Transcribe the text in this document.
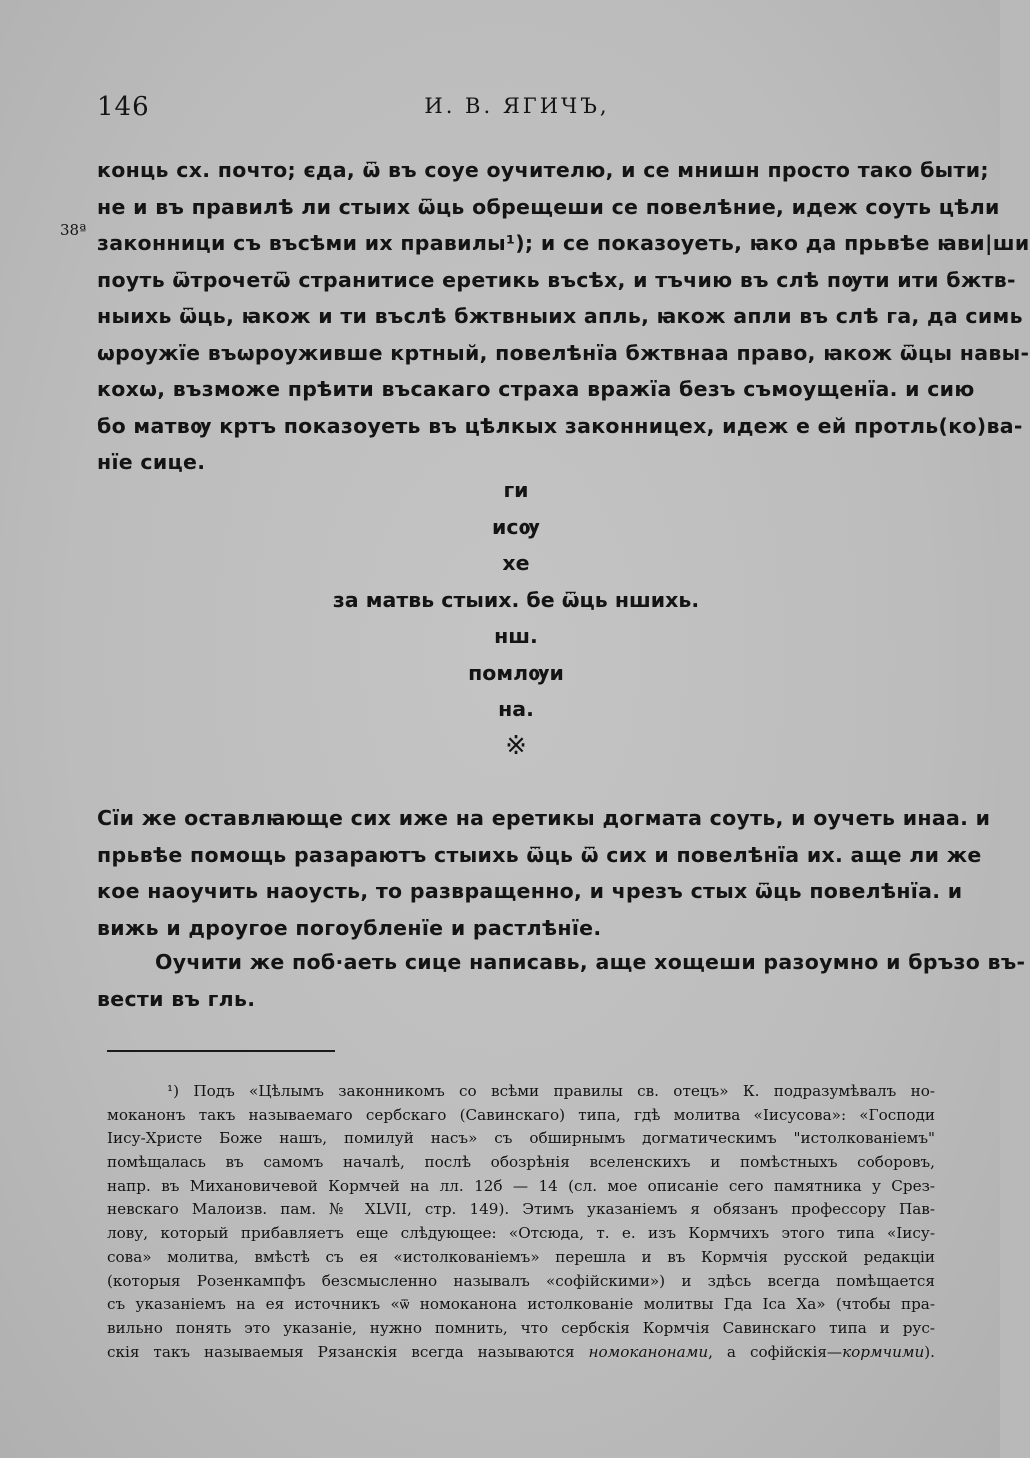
146	И. В. ЯГИЧЪ,
38ª
конць сх. почто; єда, ѿ въ соуе оучителю, и се мнишн просто тако быти;
не и въ правилѣ ли стыих ѿць обрещеши се повелѣние, идеж соуть цѣли
законници съ въсѣми их правилы¹); и се показоуеть, ꙗко да прьвѣе ꙗви|ши
поуть ѿтрочетѿ странитисе еретикь въсѣх, и тъчию въ слѣ пѹти ити бжтв-
ныихь ѿць, ꙗкож и ти въслѣ бжтвныих апль, ꙗкож апли въ слѣ гa, да симь
ѡроужїе въѡроужившe кртный, повелѣнїа бжтвнаа право, ꙗкож ѿцы навы-
кохѡ, възможе прѣити въсакаго страха вражїа безъ съмоущенїа. и сию
бо матвѹ кртъ показоуеть въ цѣлкых законницех, идеж е ей протль(ко)ва-
нїе сице.
ги
исѹ
хе
за матвь стыих. бе ѿць ншихь.
нш.
помлѹи
на.
※
Сїи же оставлꙗюще сих иже на еретикы догмата соуть, и оучеть инаа. и
прьвѣе помощь разараютъ стыихь ѿць ѿ сих и повелѣнїа их. аще ли же
кое наоучить наоусть, то развращенно, и чрезъ стых ѿць повелѣнїа. и
вижь и дроугое погоубленїе и растлѣнїе.
Оучити же поб·аеть сице написавь, аще хощеши разоумно и бръзо въ-
вести въ гль.
¹) Подъ «Цѣлымъ законникомъ со всѣми правилы св. отецъ» К. подразумѣвалъ но-
моканонъ такъ называемаго сербскаго (Савинскаго) типа, гдѣ молитва «Іисусова»: «Господи
Іису-Христе Боже нашъ, помилуй насъ» съ обширнымъ догматическимъ "истолкованіемъ"
помѣщалась въ самомъ началѣ, послѣ обозрѣнія вселенскихъ и помѣстныхъ соборовъ,
напр. въ Михановичевой Кормчей на лл. 12б — 14 (сл. мое описаніе сего памятника у Срез-
невскаго Малоизв. пам. № XLVII, стр. 149). Этимъ указаніемъ я обязанъ профессору Пав-
лову, который прибавляетъ еще слѣдующее: «Отсюда, т. е. изъ Кормчихъ этого типа «Іису-
сова» молитва, вмѣстѣ съ ея «истолкованіемъ» перешла и въ Кормчія русской редакціи
(которыя Розенкампфъ безсмысленно называлъ «софійскими») и здѣсь всегда помѣщается
съ указаніемъ на ея источникъ «ѿ номоканона истолкованіе молитвы Гда Іса Ха» (чтобы пра-
вильно понять это указаніе, нужно помнить, что сербскія Кормчія Савинскаго типа и рус-
скія такъ называемыя Рязанскія всегда называются номоканонами, а софійскія—кормчими).
